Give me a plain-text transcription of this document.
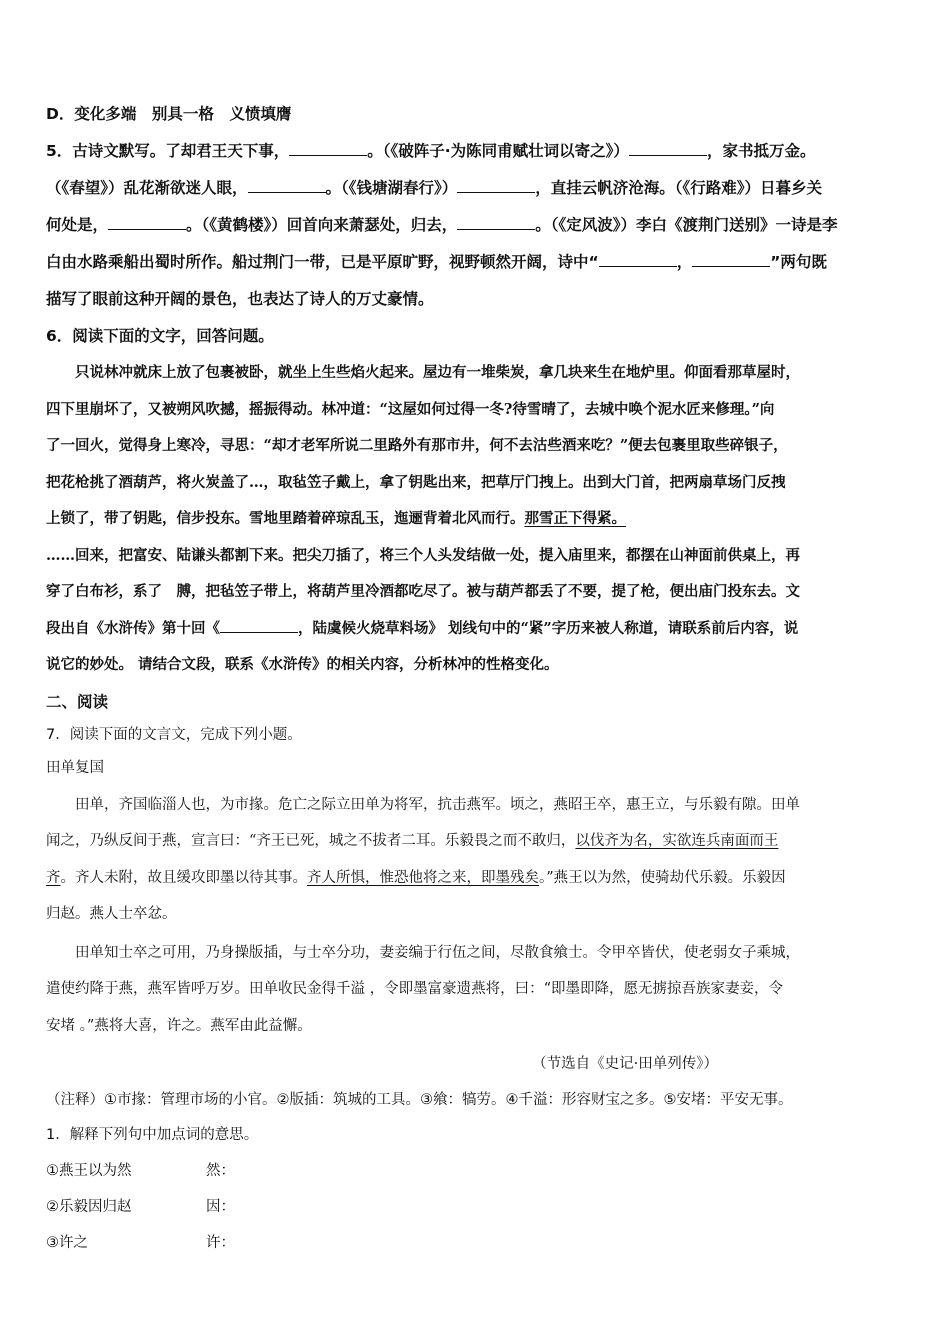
D．变化多端　别具一格　义愤填膺

5．古诗文默写。了却君王天下事，	。（《破阵子·为陈同甫赋壮词以寄之》）	，家书抵万金。
（《春望》）乱花渐欲迷人眼，	。（《钱塘湖春行》）	，直挂云帆济沧海。（《行路难》）日暮乡关
何处是，	。（《黄鹤楼》）回首向来萧瑟处，归去，	。（《定风波》）李白《渡荆门送别》一诗是李
白由水路乘船出蜀时所作。船过荆门一带，已是平原旷野，视野顿然开阔，诗中“	，	”两句既
描写了眼前这种开阔的景色，也表达了诗人的万丈豪情。

6．阅读下面的文字，回答问题。

只说林冲就床上放了包裹被卧，就坐上生些焰火起来。屋边有一堆柴炭，拿几块来生在地炉里。仰面看那草屋时，
四下里崩坏了，又被朔风吹撼，摇振得动。林冲道：“这屋如何过得一冬?待雪晴了，去城中唤个泥水匠来修理。”向
了一回火，觉得身上寒冷，寻思：“却才老军所说二里路外有那市井，何不去沽些酒来吃？”便去包裹里取些碎银子，
把花枪挑了酒葫芦，将火炭盖了…，取毡笠子戴上，拿了钥匙出来，把草厅门拽上。出到大门首，把两扇草场门反拽
上锁了，带了钥匙，信步投东。雪地里踏着碎琼乱玉，迤逦背着北风而行。那雪正下得紧。
……回来，把富安、陆谦头都割下来。把尖刀插了，将三个人头发结做一处，提入庙里来，都摆在山神面前供桌上，再
穿了白布衫，系了　膊，把毡笠子带上，将葫芦里冷酒都吃尽了。被与葫芦都丢了不要，提了枪，便出庙门投东去。文
段出自《水浒传》第十回《	，陆虞候火烧草料场》 划线句中的“紧”字历来被人称道，请联系前后内容，说
说它的妙处。 请结合文段，联系《水浒传》的相关内容，分析林冲的性格变化。

二、阅读

7．阅读下面的文言文，完成下列小题。

田单复国

田单，齐国临淄人也，为市掾。危亡之际立田单为将军，抗击燕军。顷之，燕昭王卒，惠王立，与乐毅有隙。田单
闻之，乃纵反间于燕，宣言曰：“齐王已死，城之不拔者二耳。乐毅畏之而不敢归，以伐齐为名，实欲连兵南面而王
齐。齐人未附，故且缓攻即墨以待其事。齐人所惧，惟恐他将之来，即墨残矣。”燕王以为然，使骑劫代乐毅。乐毅因
归赵。燕人士卒忿。

田单知士卒之可用，乃身操版插，与士卒分功，妻妾编于行伍之间，尽散食飨士。令甲卒皆伏，使老弱女子乘城，
遣使约降于燕，燕军皆呼万岁。田单收民金得千溢 ，令即墨富豪遗燕将，曰：“即墨即降，愿无掳掠吾族家妻妾，令
安堵 。”燕将大喜，许之。燕军由此益懈。

（节选自《史记·田单列传》）

（注释）①市掾：管理市场的小官。②版插：筑城的工具。③飨：犒劳。④千溢：形容财宝之多。⑤安堵：平安无事。

1．解释下列句中加点词的意思。

①燕王以为然	然：
②乐毅因归赵	因：
③许之	许：
